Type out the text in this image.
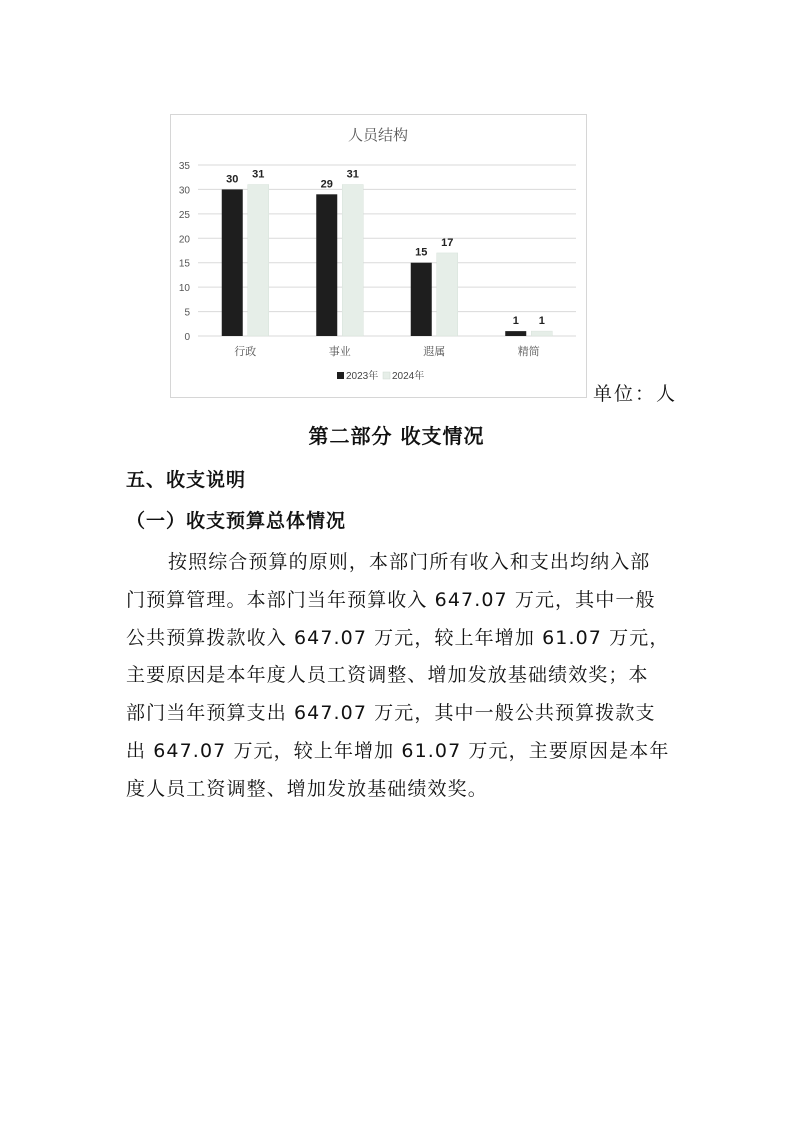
人员结构
0
5
10
15
20
25
30
35
30 31
行政
29
31
事业
15
17
遐属
1 1
精简
2023年 2024年
单位：人
第二部分 收支情况
五、收支说明
（一）收支预算总体情况
按照综合预算的原则，本部门所有收入和支出均纳入部
门预算管理。本部门当年预算收入 647.07 万元，其中一般
公共预算拨款收入 647.07 万元，较上年增加 61.07 万元，
主要原因是本年度人员工资调整、增加发放基础绩效奖；本
部门当年预算支出 647.07 万元，其中一般公共预算拨款支
出 647.07 万元，较上年增加 61.07 万元，主要原因是本年
度人员工资调整、增加发放基础绩效奖。
